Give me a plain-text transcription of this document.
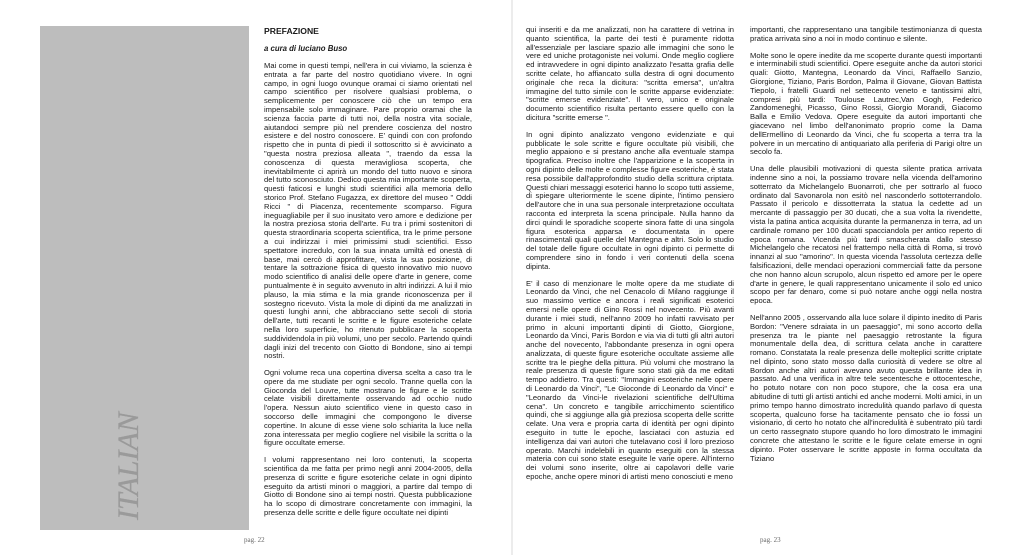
ITALIAN

PREFAZIONE

a cura di luciano Buso

Mai come in questi tempi, nell'era in cui viviamo, la scienza è entrata a far parte del nostro quotidiano vivere. In ogni campo, in ogni luogo ovunque oramai ci siamo orientati nel campo scientifico per risolvere qualsiasi problema, o semplicemente per conoscere ciò che un tempo era impensabile solo immaginare. Pare proprio oramai che la scienza faccia parte di tutti noi, della nostra vita sociale, aiutandoci sempre più nel prendere coscienza del nostro esistere e del nostro conoscere. E' quindi con con profondo rispetto che in punta di piedi il sottoscritto si è avvicinato a "questa nostra preziosa alleata ", traendo da essa la conoscenza di questa meravigliosa scoperta, che inevitabilmente ci aprirà un mondo del tutto nuovo e sinora del tutto sconosciuto. Dedico questa mia importante scoperta, questi faticosi e lunghi studi scientifici alla memoria dello storico Prof. Stefano Fugazza, ex direttore del museo " Oddi Ricci " di Piacenza, recentemente scomparso. Figura ineguagliabile per il suo inusitato vero amore e dedizione per la nostra preziosa storia dell'arte. Fu tra i primi sostenitori di questa straordinaria scoperta scientifica, tra le prime persone a cui indirizzai i miei primissimi studi scientifici. Esso spettatore incredulo, con la sua innata umiltà ed onestà di base, mai cercò di approfittare, vista la sua posizione, di tentare la sottrazione fisica di questo innovativo mio nuovo modo scientifico di analisi delle opere d'arte in genere, come puntualmente è in seguito avvenuto in altri indirizzi. A lui il mio plauso, la mia stima e la mia grande riconoscenza per il sostegno ricevuto. Vista la mole di dipinti da me analizzati in questi lunghi anni, che abbracciano sette secoli di storia dell'arte, tutti recanti le scritte e le figure esoteriche celate nella loro superficie, ho ritenuto pubblicare la scoperta suddividendola in più volumi, uno per secolo. Partendo quindi dagli inizi del trecento con Giotto di Bondone, sino ai tempi nostri.

Ogni volume reca una copertina diversa scelta a caso tra le opere da me studiate per ogni secolo. Tranne quella con la Gioconda del Louvre, tutte mostrano le figure e le scritte celate visibili direttamente osservando ad occhio nudo l'opera. Nessun aiuto scientifico viene in questo caso in soccorso delle immagini che compongono le diverse copertine. In alcune di esse viene solo schiarita la luce nella zona interessata per meglio cogliere nel visibile la scritta o la figure occultate emerse.

I volumi rappresentano nei loro contenuti, la scoperta scientifica da me fatta per primo negli anni 2004-2005, della presenza di scritte e figure esoteriche celate in ogni dipinto eseguito da artisti minori o maggiori, a partire dal tempo di Giotto di Bondone sino ai tempi nostri. Questa pubblicazione ha lo scopo di dimostrare concretamente con immagini, la presenza delle scritte e delle figure occultate nei dipinti

qui inseriti e da me analizzati, non ha carattere di vetrina in quanto scientifica, la parte dei testi è puramente ridotta all'essenziale per lasciare spazio alle immagini che sono le vere ed uniche protagoniste nei volumi. Onde meglio cogliere ed intravvedere in ogni dipinto analizzato l'esatta grafia delle scritte celate, ho affiancato sulla destra di ogni documento originale che reca la dicitura: "scritta emersa", un'altra immagine del tutto simile con le scritte apparse evidenziate: "scritte emerse evidenziate". Il vero, unico e originale documento scientifico risulta pertanto essere quello con la dicitura "scritte emerse ".

In ogni dipinto analizzato vengono evidenziate e qui pubblicate le sole scritte e figure occultate più visibili, che meglio appaiono e si prestano anche alla eventuale stampa tipografica. Preciso inoltre che l'apparizione e la scoperta in ogni dipinto delle molte e complesse figure esoteriche, è stata resa possibile dall'approfondito studio della scrittura criptata. Questi chiari messaggi esoterici hanno lo scopo tutti assieme, di spiegare ulteriormente le scene dipinte, l'intimo pensiero dell'autore che in una sua personale interpretazione occultata racconta ed interpreta la scena principale. Nulla hanno da dirci quindi le sporadiche scoperte sinora fatte di una singola figura esoterica apparsa e documentata in opere rinascimentali quali quelle del Mantegna e altri. Solo lo studio del totale delle figure occultate in ogni dipinto ci permette di comprendere sino in fondo i veri contenuti della scena dipinta.

E' il caso di menzionare le molte opere da me studiate di Leonardo da Vinci, che nel Cenacolo di Milano raggiunge il suo massimo vertice e ancora i reali significati esoterici emersi nelle opere di Gino Rossi nel novecento. Più avanti durante i miei studi, nell'anno 2009 ho infatti ravvisato per primo in alcuni importanti dipinti di Giotto, Giorgione, Leonardo da Vinci, Paris Bordon e via via di tutti gli altri autori anche del novecento, l'abbondante presenza in ogni opera analizzata, di queste figure esoteriche occultate assieme alle scritte tra le pieghe della pittura. Più volumi che mostrano la reale presenza di queste figure sono stati già da me editati tempo addietro. Tra questi: "Immagini esoteriche nelle opere di Leonardo da Vinci", "Le Gioconde di Leonardo da Vinci" e "Leonardo da Vinci-le rivelazioni scientifiche dell'Ultima cena". Un concreto e tangibile arricchimento scientifico quindi, che si aggiunge alla già preziosa scoperta delle scritte celate. Una vera e propria carta di identità per ogni dipinto eseguito in tutte le epoche, lasciataci con astuzia ed intelligenza dai vari autori che tutelavano così il loro prezioso operato. Marchi indelebili in quanto eseguiti con la stessa materia con cui sono state eseguite le varie opere. All'interno dei volumi sono inserite, oltre ai capolavori delle varie epoche, anche opere minori di artisti meno conosciuti e meno

importanti, che rappresentano una tangibile testimonianza di questa pratica arrivata sino a noi in modo continuo e silente.

Molte sono le opere inedite da me scoperte durante questi importanti e interminabili studi scientifici. Opere eseguite anche da autori storici quali: Giotto, Mantegna, Leonardo da Vinci, Raffaello Sanzio, Giorgione, Tiziano, Paris Bordon, Palma il Giovane, Giovan Battista Tiepolo, i fratelli Guardi nel settecento veneto e tantissimi altri, compresi più tardi: Toulouse Lautrec,Van Gogh, Federico Zandomeneghi, Picasso, Gino Rossi, Giorgio Morandi, Giacomo Balla e Emilio Vedova. Opere eseguite da autori importanti che giacevano nel limbo dell'anonimato proprio come la Dama dellErmellino di Leonardo da Vinci, che fu scoperta a terra tra la polvere in un mercatino di antiquariato alla periferia di Parigi oltre un secolo fa.

Una delle plausibili motivazioni di questa silente pratica arrivata indenne sino a noi, la possiamo trovare nella vicenda dell'amorino sotterrato da Michelangelo Buonarroti, che per sottrarlo al fuoco ordinato dal Savonarola non esitò nel nasconderlo sottoterrandolo. Passato il pericolo e dissotterrata la statua la cedette ad un mercante di passaggio per 30 ducati, che a sua volta la rivendette, vista la patina antica acquisita durante la permanenza in terra, ad un cardinale romano per 100 ducati spacciandola per antico reperto di epoca romana. Vicenda più tardi smascherata dallo stesso Michelangelo che recatosi nel frattempo nella città di Roma, si trovò innanzi al suo "amorino". In questa vicenda l'assoluta certezza delle falsificazioni, delle mendaci operazioni commerciali fatte da persone che non hanno alcun scrupolo, alcun rispetto ed amore per le opere d'arte in genere, le quali rappresentano unicamente il solo ed unico scopo per far denaro, come si può notare anche oggi nella nostra epoca.

Nell'anno 2005 , osservando alla luce solare il dipinto inedito di Paris Bordon: "Venere sdraiata in un paesaggio", mi sono accorto della presenza tra le piante nel paesaggio retrostante la figura monumentale della dea, di scrittura celata anche in carattere romano. Constatata la reale presenza delle molteplici scritte criptate nel dipinto, sono stato mosso dalla curiosità di vedere se oltre al Bordon anche altri autori avevano avuto questa brillante idea in passato. Ad una verifica in altre tele secentesche e ottocentesche, ho potuto notare con non poco stupore, che la cosa era una abitudine di tutti gli artisti antichi ed anche moderni. Molti amici, in un primo tempo hanno dimostrato incredulità quando parlavo di questa scoperta, qualcuno forse ha tacitamente pensato che io fossi un visionario, di certo ho notato che all'incredulità è subentrato più tardi un certo rassegnato stupore quando ho loro dimostrato le immagini concrete che attestano le scritte e le figure celate emerse in ogni dipinto. Poter osservare le scritte apposte in forma occultata da Tiziano

pag. 22	pag. 23
